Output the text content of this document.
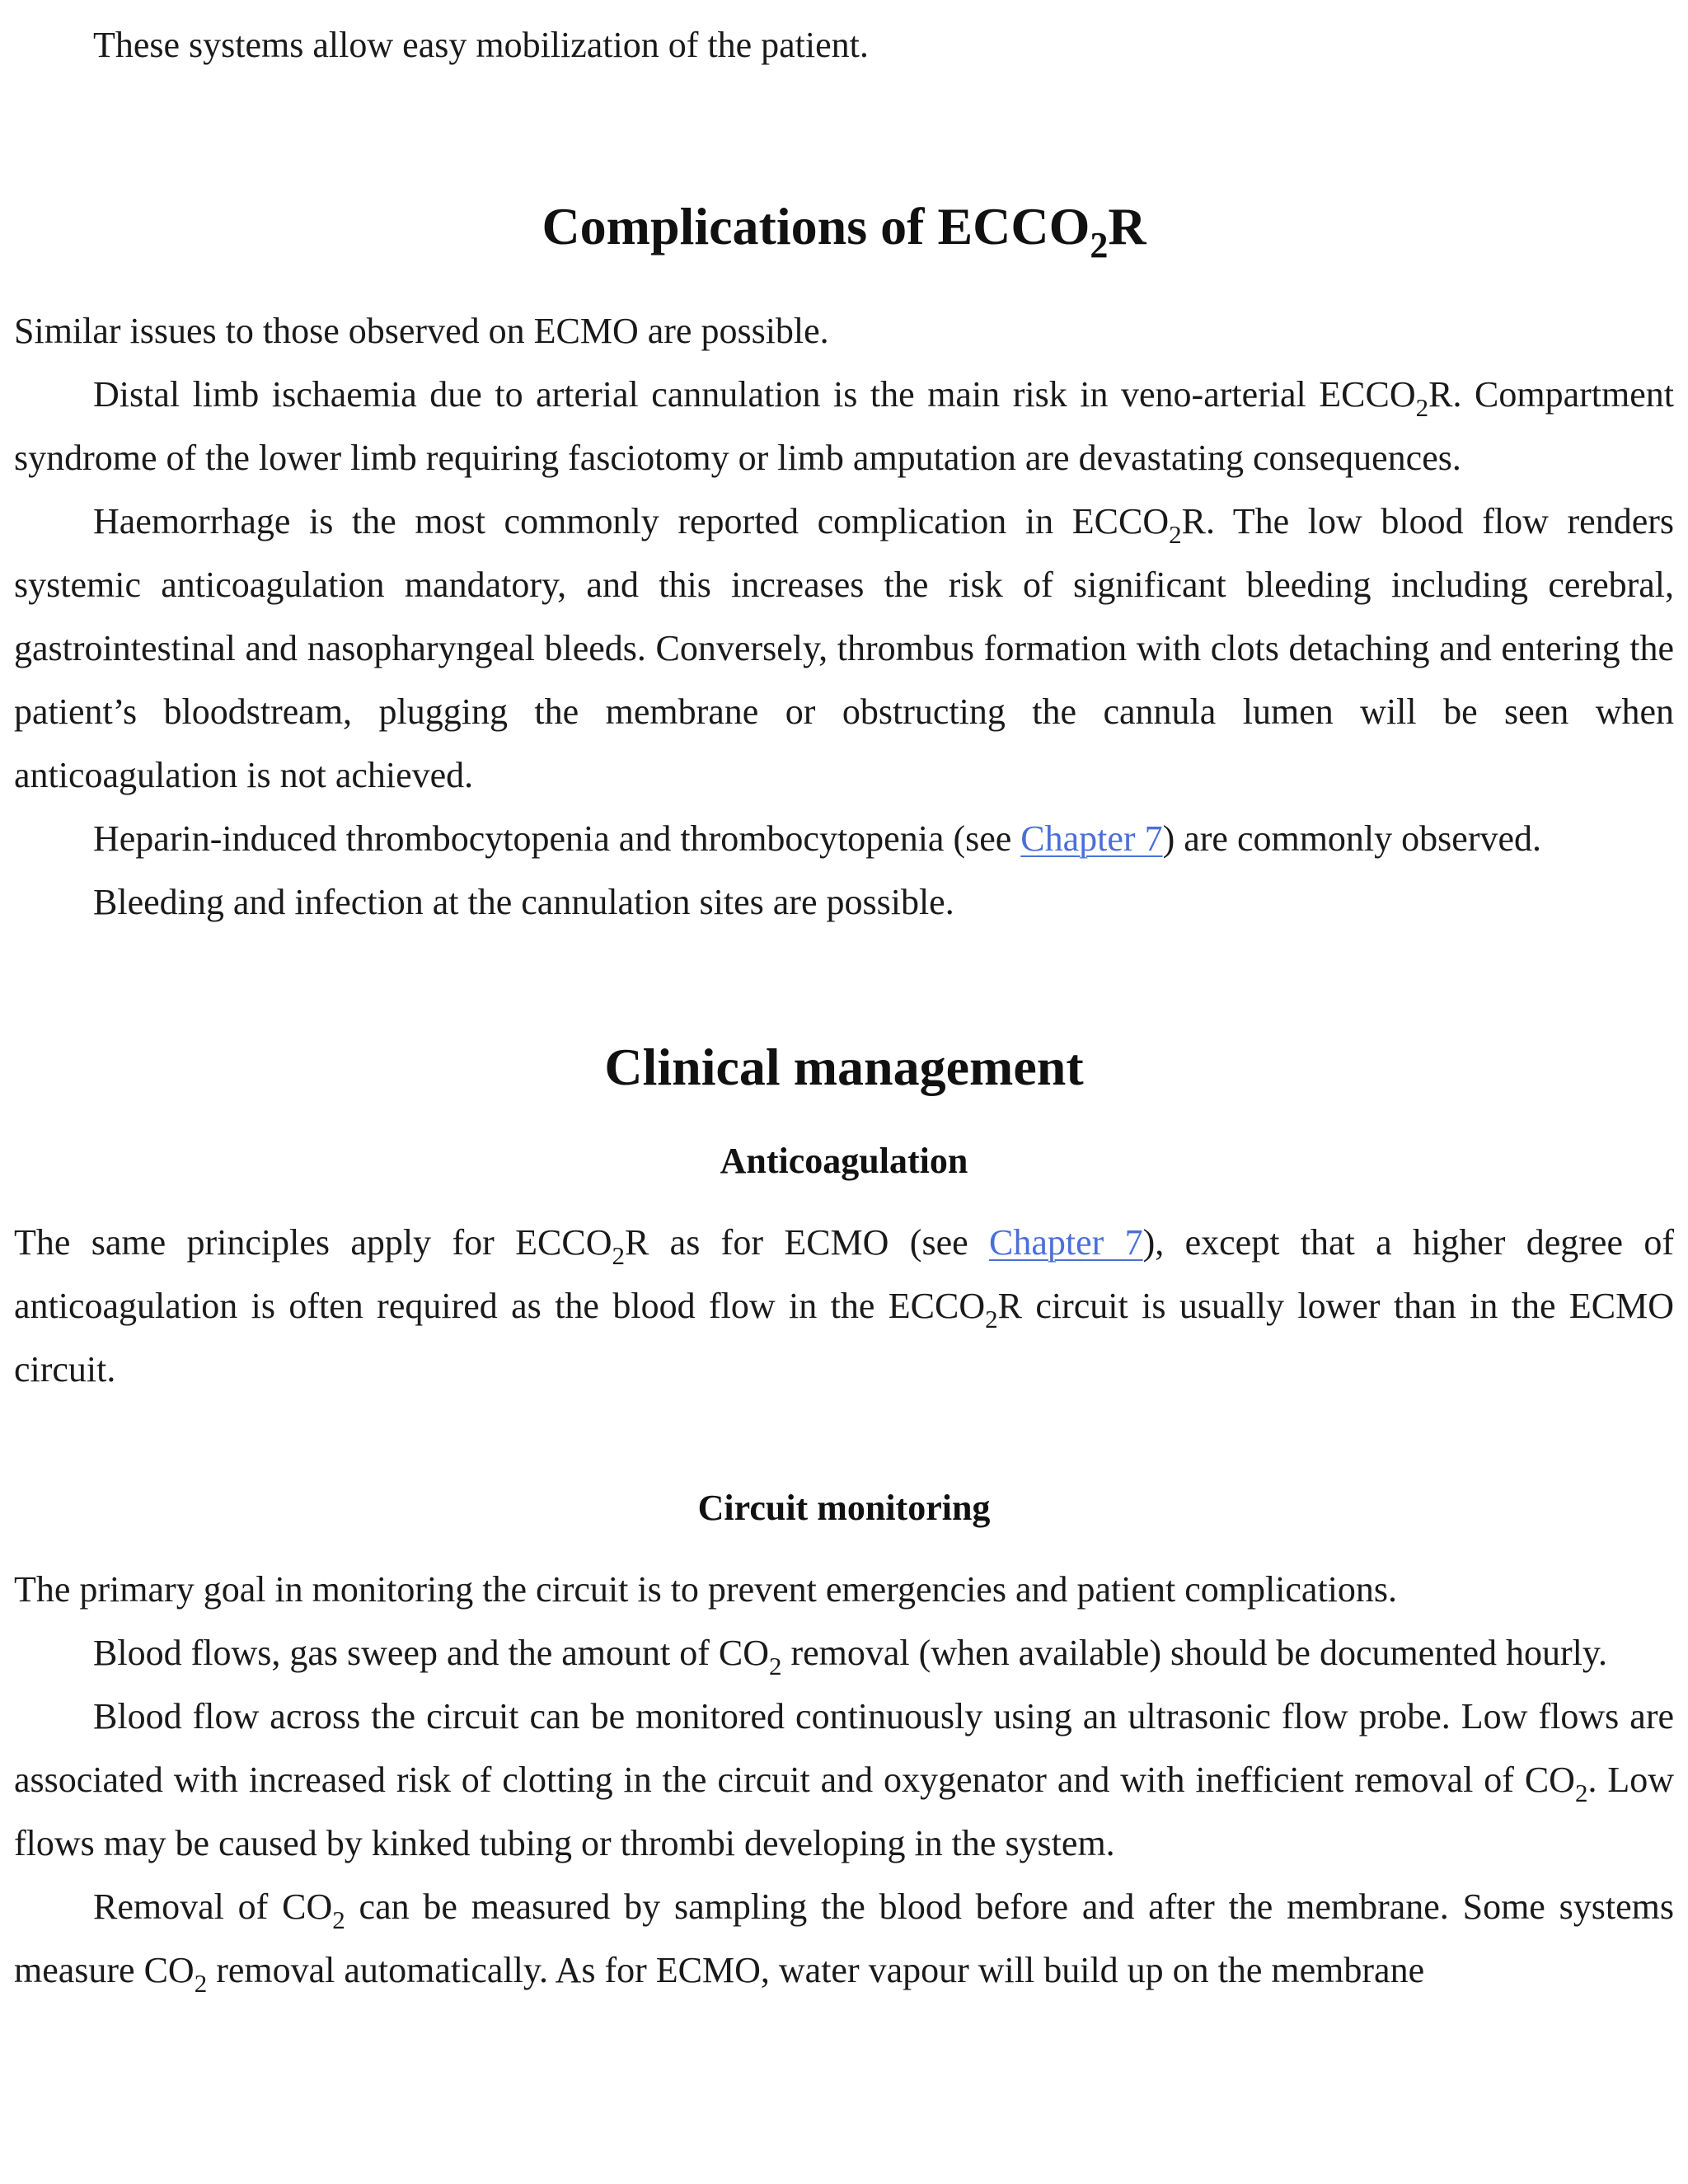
These systems allow easy mobilization of the patient.

Complications of $ECCO_2R$

Similar issues to those observed on ECMO are possible.

Distal limb ischaemia due to arterial cannulation is the main risk in veno-arterial $ECCO_2R$. Compartment syndrome of the lower limb requiring fasciotomy or limb amputation are devastating consequences.

Haemorrhage is the most commonly reported complication in $ECCO_2R$. The low blood flow renders systemic anticoagulation mandatory, and this increases the risk of significant bleeding including cerebral, gastrointestinal and nasopharyngeal bleeds. Conversely, thrombus formation with clots detaching and entering the patient’s bloodstream, plugging the membrane or obstructing the cannula lumen will be seen when anticoagulation is not achieved.

Heparin-induced thrombocytopenia and thrombocytopenia (see Chapter 7) are commonly observed.

Bleeding and infection at the cannulation sites are possible.

Clinical management
Anticoagulation

The same principles apply for $ECCO_2R$ as for ECMO (see Chapter 7), except that a higher degree of anticoagulation is often required as the blood flow in the $ECCO_2R$ circuit is usually lower than in the ECMO circuit.

Circuit monitoring

The primary goal in monitoring the circuit is to prevent emergencies and patient complications.

Blood flows, gas sweep and the amount of $CO_2$ removal (when available) should be documented hourly.

Blood flow across the circuit can be monitored continuously using an ultrasonic flow probe. Low flows are associated with increased risk of clotting in the circuit and oxygenator and with inefficient removal of $CO_2$. Low flows may be caused by kinked tubing or thrombi developing in the system.

Removal of $CO_2$ can be measured by sampling the blood before and after the membrane. Some systems measure $CO_2$ removal automatically. As for ECMO, water vapour will build up on the membrane
